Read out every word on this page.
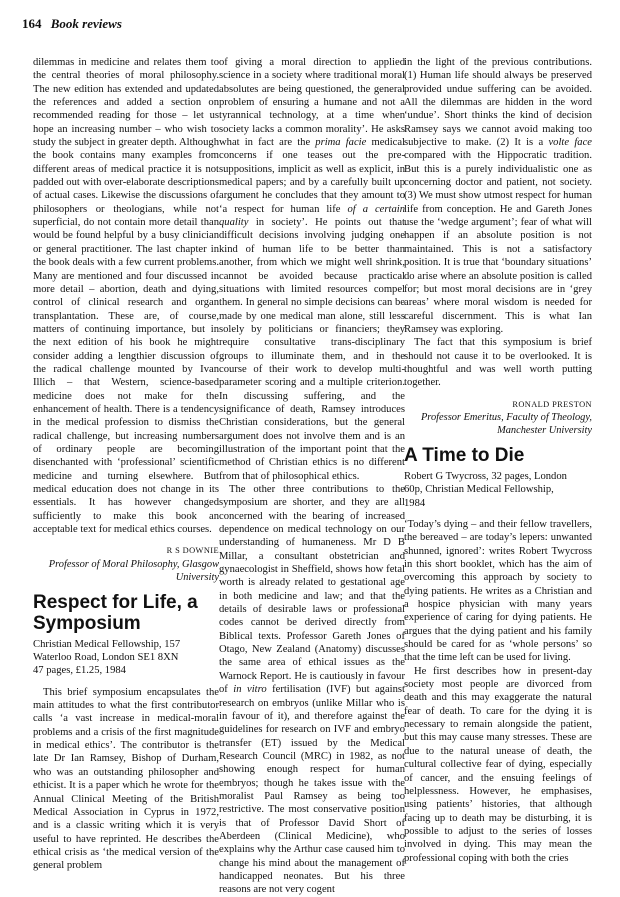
164 Book reviews

dilemmas in medicine and relates them to the central theories of moral philosophy. The new edition has extended and updated the references and added a section on recommended reading for those – let us hope an increasing number – who wish to study the subject in greater depth. Although the book contains many examples from different areas of medical practice it is not padded out with over-elaborate descriptions of actual cases. Likewise the discussions of philosophers or theologians, while not superficial, do not contain more detail than would be found helpful by a busy clinician or general practitioner. The last chapter in the book deals with a few current problems. Many are mentioned and four discussed in more detail – abortion, death and dying, control of clinical research and organ transplantation. These are, of course, matters of continuing importance, but in the next edition of his book he might consider adding a lengthier discussion of the radical challenge mounted by Ivan Illich – that Western, science-based medicine does not make for the enhancement of health. There is a tendency in the medical profession to dismiss the radical challenge, but increasing numbers of ordinary people are becoming disenchanted with ‘professional’ scientific medicine and turning elsewhere. But medical education does not change in its essentials. It has however changed sufficiently to make this book an acceptable text for medical ethics courses.

R S DOWNIE
Professor of Moral Philosophy, Glasgow
University
Respect for Life, a Symposium
Christian Medical Fellowship, 157
Waterloo Road, London SE1 8XN
47 pages, £1.25, 1984

This brief symposium encapsulates the main attitudes to what the first contributor calls ‘a vast increase in medical-moral problems and a crisis of the first magnitude in medical ethics’. The contributor is the late Dr Ian Ramsey, Bishop of Durham, who was an outstanding philosopher and ethicist. It is a paper which he wrote for the Annual Clinical Meeting of the British Medical Association in Cyprus in 1972, and is a classic writing which it is very useful to have reprinted. He describes the ethical crisis as ‘the medical version of the general problem

of giving a moral direction to applied science in a society where traditional moral absolutes are being questioned, the general problem of ensuring a humane and not a tyrannical technology, at a time when society lacks a common morality’. He asks what in fact are the prima facie medical concerns if one teases out the pre-suppositions, implicit as well as explicit, in medical papers; and by a carefully built up argument he concludes that they amount to ‘a respect for human life of a certain quality in society’. He points out that difficult decisions involving judging one kind of human life to be better than another, from which we might well shrink, cannot be avoided because practical situations with limited resources compel them. In general no simple decisions can be made by one medical man alone, still less solely by politicians or financiers; they require consultative trans-disciplinary groups to illuminate them, and in the course of their work to develop multi-parameter scoring and a multiple criterion. In discussing suffering, and the significance of death, Ramsey introduces Christian considerations, but the general argument does not involve them and is an illustration of the important point that the method of Christian ethics is no different from that of philosophical ethics.

The other three contributions to the symposium are shorter, and they are all concerned with the bearing of increased dependence on medical technology on our understanding of humaneness. Mr D B Millar, a consultant obstetrician and gynaecologist in Sheffield, shows how fetal worth is already related to gestational age in both medicine and law; and that the details of desirable laws or professional codes cannot be derived directly from Biblical texts. Professor Gareth Jones of Otago, New Zealand (Anatomy) discusses the same area of ethical issues as the Warnock Report. He is cautiously in favour of in vitro fertilisation (IVF) but against research on embryos (unlike Millar who is in favour of it), and therefore against the guidelines for research on IVF and embryo transfer (ET) issued by the Medical Research Council (MRC) in 1982, as not showing enough respect for human embryos; though he takes issue with the moralist Paul Ramsey as being too restrictive. The most conservative position is that of Professor David Short of Aberdeen (Clinical Medicine), who explains why the Arthur case caused him to change his mind about the management of handicapped neonates. But his three reasons are not very cogent

in the light of the previous contributions. (1) Human life should always be preserved provided undue suffering can be avoided. All the dilemmas are hidden in the word ‘undue’. Short thinks the kind of decision Ramsey says we cannot avoid making too subjective to make. (2) It is a volte face compared with the Hippocratic tradition. But this is a purely individualistic one as concerning doctor and patient, not society. (3) We must show utmost respect for human life from conception. He and Gareth Jones use the ‘wedge argument’; fear of what will happen if an absolute position is not maintained. This is not a satisfactory position. It is true that ‘boundary situations’ do arise where an absolute position is called for; but most moral decisions are in ‘grey areas’ where moral wisdom is needed for careful discernment. This is what Ian Ramsey was exploring.

The fact that this symposium is brief should not cause it to be overlooked. It is thoughtful and was well worth putting together.

RONALD PRESTON
Professor Emeritus, Faculty of Theology,
Manchester University
A Time to Die
Robert G Twycross, 32 pages, London
60p, Christian Medical Fellowship,
1984

‘Today’s dying – and their fellow travellers, the bereaved – are today’s lepers: unwanted shunned, ignored’: writes Robert Twycross in this short booklet, which has the aim of overcoming this approach by society to dying patients. He writes as a Christian and a hospice physician with many years experience of caring for dying patients. He argues that the dying patient and his family should be cared for as ‘whole persons’ so that the time left can be used for living.

He first describes how in present-day society most people are divorced from death and this may exaggerate the natural fear of death. To care for the dying it is necessary to remain alongside the patient, but this may cause many stresses. These are due to the natural unease of death, the cultural collective fear of dying, especially of cancer, and the ensuing feelings of helplessness. However, he emphasises, using patients’ histories, that although facing up to death may be disturbing, it is possible to adjust to the series of losses involved in dying. This may mean the professional coping with both the cries
